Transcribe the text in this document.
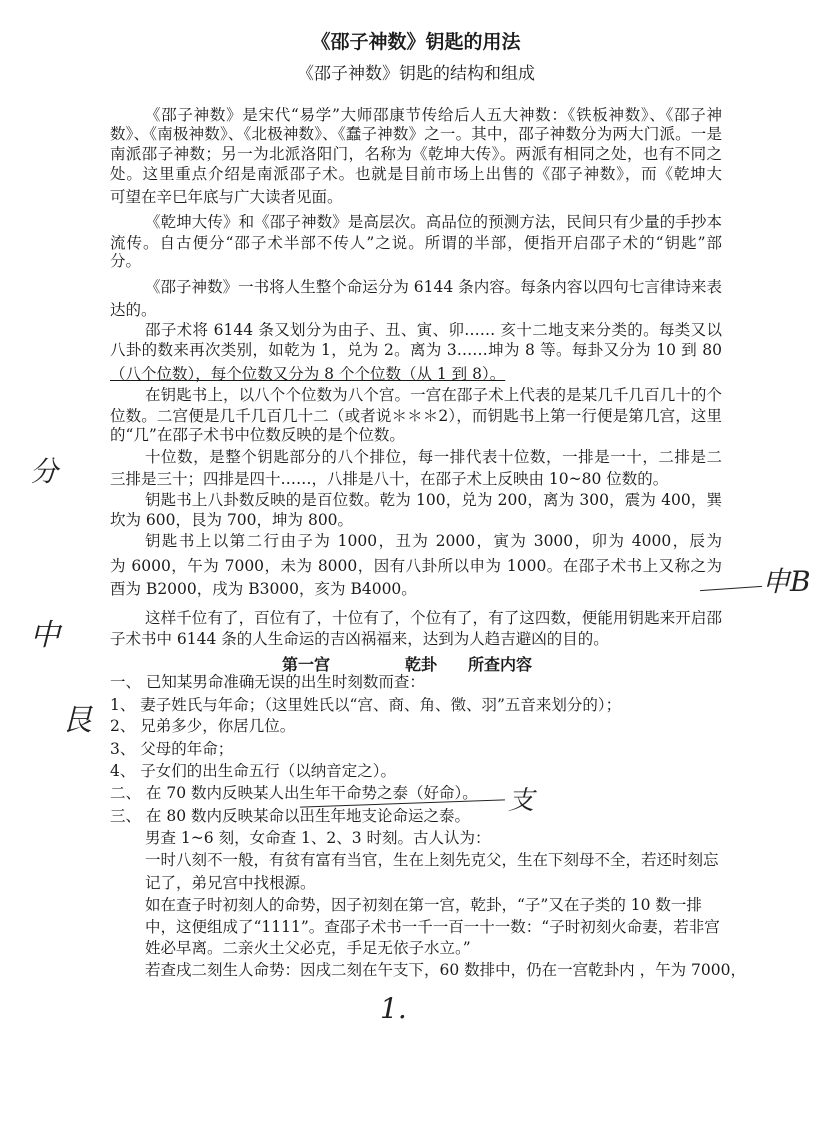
《邵子神数》钥匙的用法
《邵子神数》钥匙的结构和组成
《邵子神数》是宋代“易学”大师邵康节传给后人五大神数：《铁板神数》、《邵子神
数》、《南极神数》、《北极神数》、《蠢子神数》之一。其中，邵子神数分为两大门派。一是
南派邵子神数；另一为北派洛阳门，名称为《乾坤大传》。两派有相同之处，也有不同之
处。这里重点介绍是南派邵子术。也就是目前市场上出售的《邵子神数》，而《乾坤大
可望在辛巳年底与广大读者见面。
《乾坤大传》和《邵子神数》是高层次。高品位的预测方法，民间只有少量的手抄本
流传。自古便分“邵子术半部不传人”之说。所谓的半部，便指开启邵子术的“钥匙”部
分。
《邵子神数》一书将人生整个命运分为 6144 条内容。每条内容以四句七言律诗来表
达的。
邵子术将 6144 条又划分为由子、丑、寅、卯…… 亥十二地支来分类的。每类又以
八卦的数来再次类别，如乾为 1，兑为 2。离为 3……坤为 8 等。每卦又分为 10 到 80
（八个位数），每个位数又分为 8 个个位数（从 1 到 8）。
在钥匙书上，以八个个位数为八个宫。一宫在邵子术上代表的是某几千几百几十的个
位数。二宫便是几千几百几十二（或者说＊＊＊2），而钥匙书上第一行便是第几宫，这里
的“几”在邵子术书中位数反映的是个位数。
十位数，是整个钥匙部分的八个排位，每一排代表十位数，一排是一十，二排是二
三排是三十；四排是四十……，八排是八十，在邵子术上反映由 10~80 位数的。
钥匙书上八卦数反映的是百位数。乾为 100，兑为 200，离为 300，震为 400，巽
坎为 600，艮为 700，坤为 800。
钥匙书上以第二行由子为 1000，丑为 2000，寅为 3000，卯为 4000，辰为
为 6000，午为 7000，未为 8000，因有八卦所以申为 1000。在邵子术书上又称之为
酉为 B2000，戌为 B3000，亥为 B4000。
这样千位有了，百位有了，十位有了，个位有了，有了这四数，便能用钥匙来开启邵
子术书中 6144 条的人生命运的吉凶祸福来，达到为人趋吉避凶的目的。
第一宫	乾卦 所查内容
一、 已知某男命准确无误的出生时刻数而查：
1、 妻子姓氏与年命；（这里姓氏以“宫、商、角、徵、羽”五音来划分的）；
2、 兄弟多少，你居几位。
3、 父母的年命；
4、 子女们的出生命五行（以纳音定之）。
二、 在 70 数内反映某人出生年干命势之泰（好命）。
三、 在 80 数内反映某命以出生年地支论命运之泰。
男查 1~6 刻，女命查 1、2、3 时刻。古人认为：
一时八刻不一般，有贫有富有当官，生在上刻先克父，生在下刻母不全，若还时刻忘
记了，弟兄宫中找根源。
如在查子时初刻人的命势，因子初刻在第一宫，乾卦，“子”又在子类的 10 数一排
中，这便组成了“1111”。查邵子术书一千一百一十一数：“子时初刻火命妻，若非宫
姓必早离。二亲火土父必克，手足无依子水立。”
若查戌二刻生人命势：因戌二刻在午支下，60 数排中，仍在一宫乾卦内 ，午为 7000，
分
中
艮
申B
支
1.
